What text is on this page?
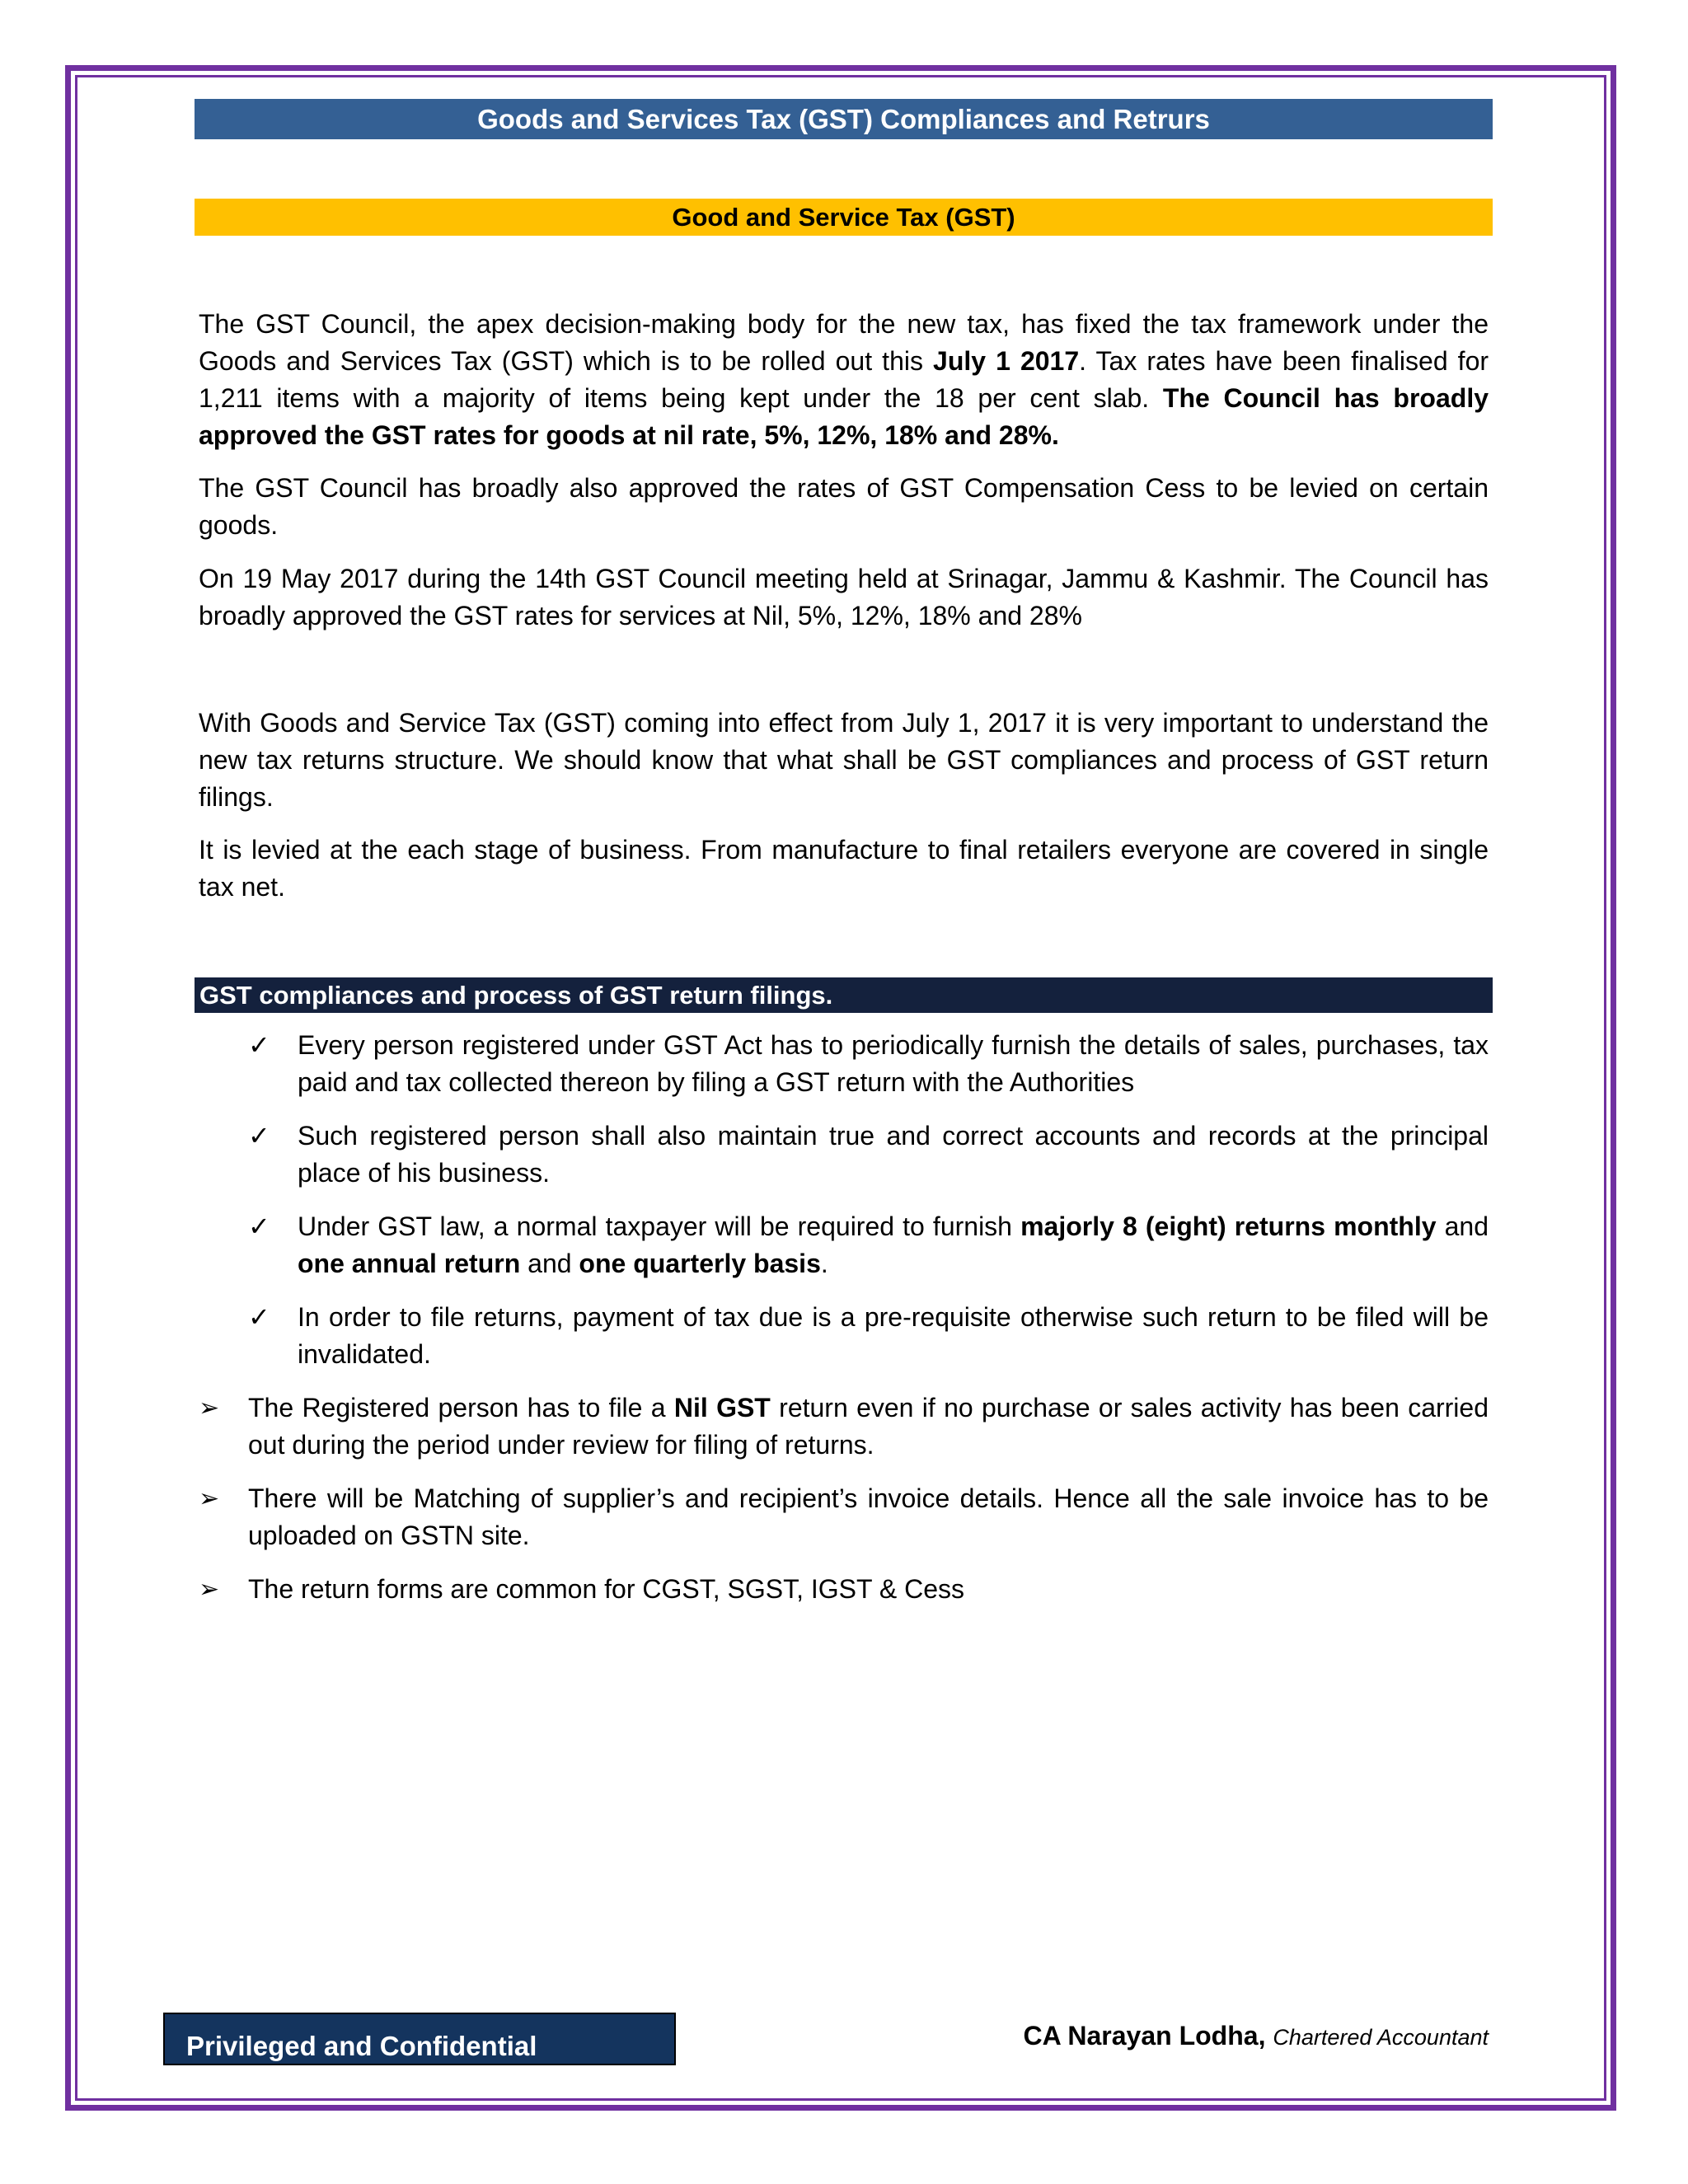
Goods and Services Tax (GST) Compliances and Retrurs
Good and Service Tax (GST)

The GST Council, the apex decision-making body for the new tax, has fixed the tax framework under the Goods and Services Tax (GST) which is to be rolled out this July 1 2017. Tax rates have been finalised for 1,211 items with a majority of items being kept under the 18 per cent slab. The Council has broadly approved the GST rates for goods at nil rate, 5%, 12%, 18% and 28%.

The GST Council has broadly also approved the rates of GST Compensation Cess to be levied on certain goods.

On 19 May 2017 during the 14th GST Council meeting held at Srinagar, Jammu & Kashmir. The Council has broadly approved the GST rates for services at Nil, 5%, 12%, 18% and 28%

With Goods and Service Tax (GST) coming into effect from July 1, 2017 it is very important to understand the new tax returns structure. We should know that what shall be GST compliances and process of GST return filings.

It is levied at the each stage of business. From manufacture to final retailers everyone are covered in single tax net.

GST compliances and process of GST return filings.
✓	Every person registered under GST Act has to periodically furnish the details of sales, purchases, tax paid and tax collected thereon by filing a GST return with the Authorities
✓	Such registered person shall also maintain true and correct accounts and records at the principal place of his business.
✓	Under GST law, a normal taxpayer will be required to furnish majorly 8 (eight) returns monthly and one annual return and one quarterly basis.
✓	In order to file returns, payment of tax due is a pre-requisite otherwise such return to be filed will be invalidated.
➢	The Registered person has to file a Nil GST return even if no purchase or sales activity has been carried out during the period under review for filing of returns.
➢	There will be Matching of supplier’s and recipient’s invoice details. Hence all the sale invoice has to be uploaded on GSTN site.
➢	The return forms are common for CGST, SGST, IGST & Cess
Privileged and Confidential	CA Narayan Lodha, Chartered Accountant
